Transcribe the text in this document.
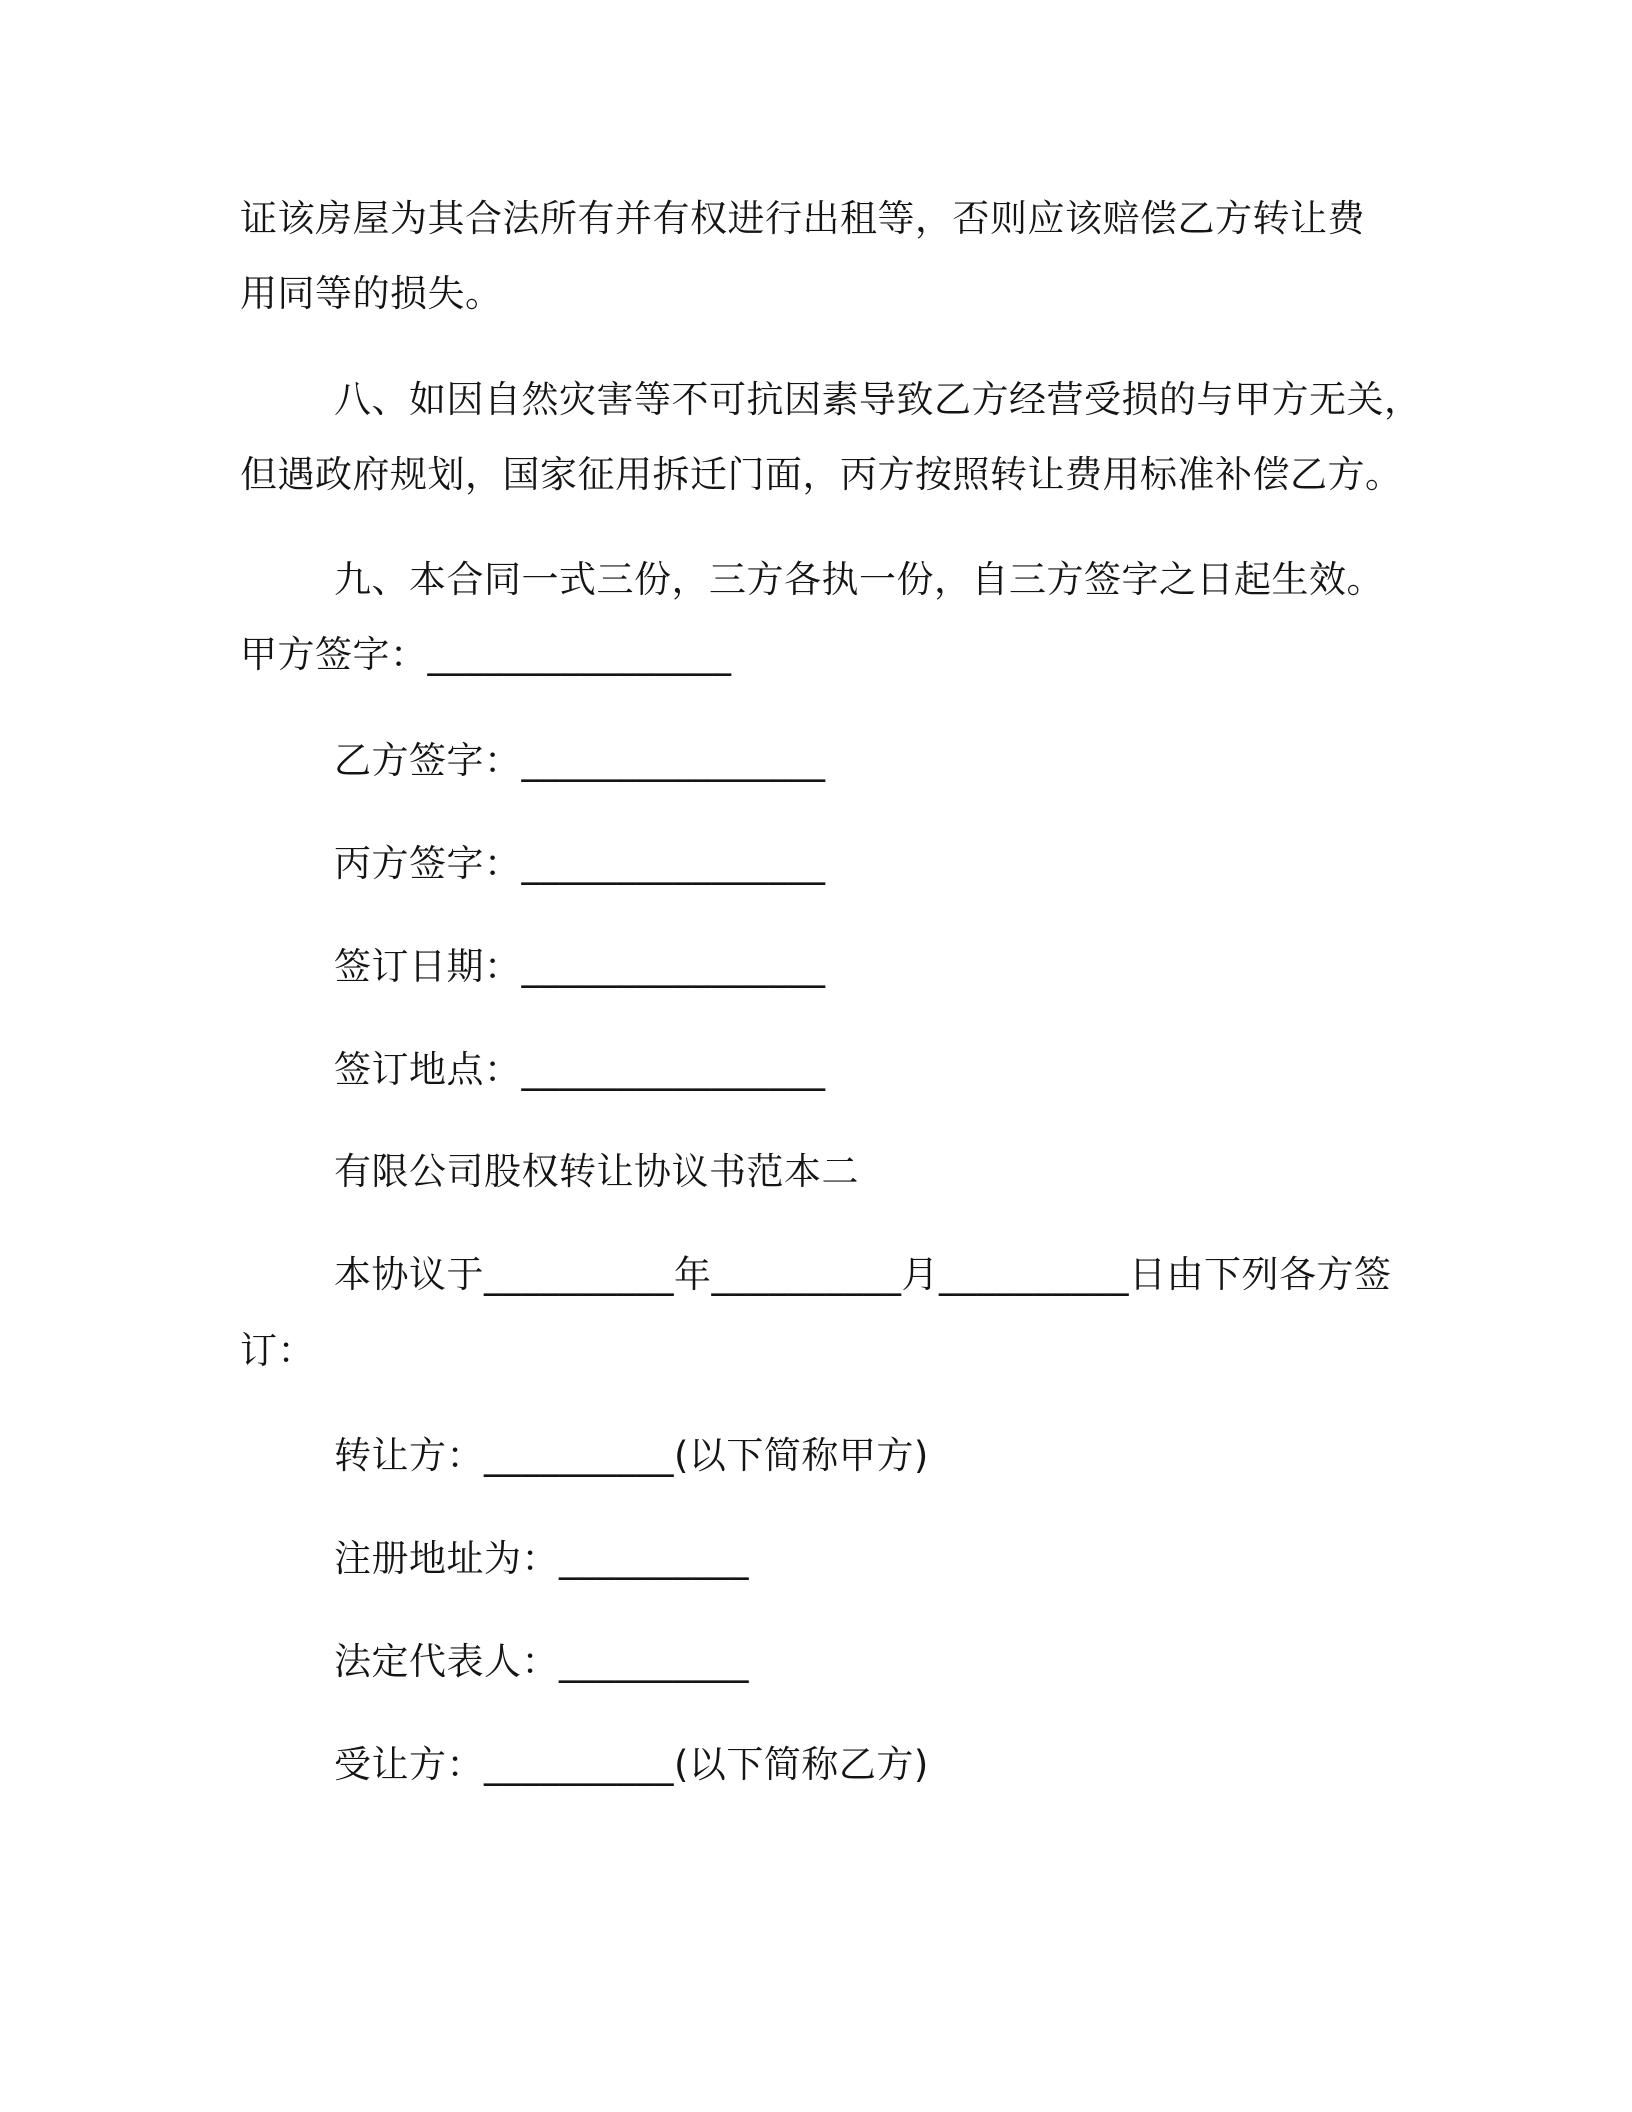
证该房屋为其合法所有并有权进行出租等，否则应该赔偿乙方转让费
用同等的损失。
八、如因自然灾害等不可抗因素导致乙方经营受损的与甲方无关，
但遇政府规划，国家征用拆迁门面，丙方按照转让费用标准补偿乙方。
九、本合同一式三份，三方各执一份，自三方签字之日起生效。
甲方签字：________________
乙方签字：________________
丙方签字：________________
签订日期：________________
签订地点：________________
有限公司股权转让协议书范本二
本协议于__________年__________月__________日由下列各方签
订：
转让方：__________(以下简称甲方)
注册地址为：__________
法定代表人：__________
受让方：__________(以下简称乙方)
